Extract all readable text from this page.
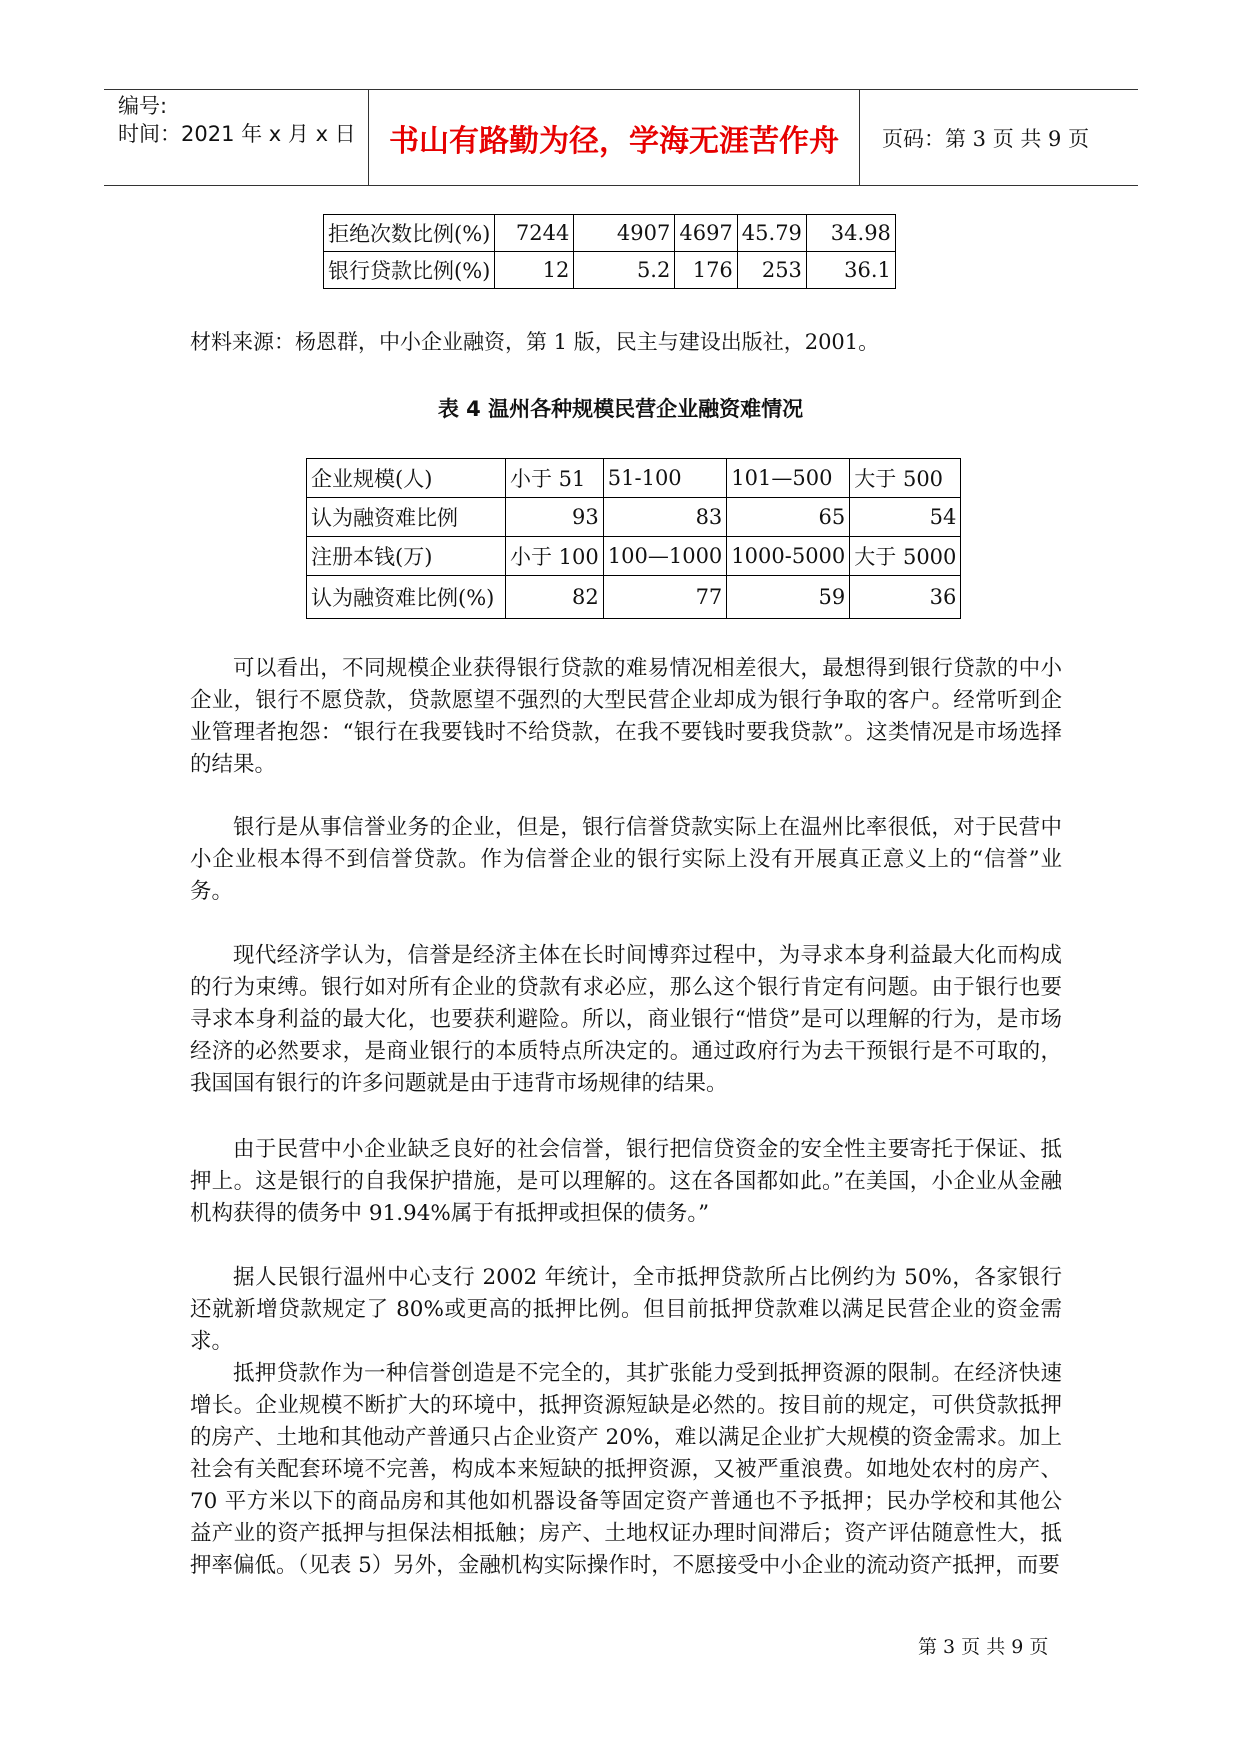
编号:
时间：2021 年 x 月 x 日 书山有路勤为径，学海无涯苦作舟	页码：第 3 页 共 9 页
拒绝次数比例(%)	7244	4907	4697	45.79	34.98
银行贷款比例(%)	12	5.2	176	253	36.1
材料来源：杨恩群，中小企业融资，第 1 版，民主与建设出版社，2001。
表 4 温州各种规模民营企业融资难情况
企业规模(人)	小于 51	51-100	101—500	大于 500
认为融资难比例	93	83	65	54
注册本钱(万)	小于 100	100—1000	1000-5000	大于 5000
认为融资难比例(%)	82	77	59	36

可以看出，不同规模企业获得银行贷款的难易情况相差很大，最想得到银行贷款的中小企业，银行不愿贷款，贷款愿望不强烈的大型民营企业却成为银行争取的客户。经常听到企业管理者抱怨：“银行在我要钱时不给贷款，在我不要钱时要我贷款”。这类情况是市场选择的结果。

银行是从事信誉业务的企业，但是，银行信誉贷款实际上在温州比率很低，对于民营中小企业根本得不到信誉贷款。作为信誉企业的银行实际上没有开展真正意义上的“信誉”业务。

现代经济学认为，信誉是经济主体在长时间博弈过程中，为寻求本身利益最大化而构成的行为束缚。银行如对所有企业的贷款有求必应，那么这个银行肯定有问题。由于银行也要寻求本身利益的最大化，也要获利避险。所以，商业银行“惜贷”是可以理解的行为，是市场经济的必然要求，是商业银行的本质特点所决定的。通过政府行为去干预银行是不可取的，我国国有银行的许多问题就是由于违背市场规律的结果。

由于民营中小企业缺乏良好的社会信誉，银行把信贷资金的安全性主要寄托于保证、抵押上。这是银行的自我保护措施，是可以理解的。这在各国都如此。”在美国，小企业从金融机构获得的债务中 91.94%属于有抵押或担保的债务。”

据人民银行温州中心支行 2002 年统计，全市抵押贷款所占比例约为 50%，各家银行还就新增贷款规定了 80%或更高的抵押比例。但目前抵押贷款难以满足民营企业的资金需求。

抵押贷款作为一种信誉创造是不完全的，其扩张能力受到抵押资源的限制。在经济快速增长。企业规模不断扩大的环境中，抵押资源短缺是必然的。按目前的规定，可供贷款抵押的房产、土地和其他动产普通只占企业资产 20%，难以满足企业扩大规模的资金需求。加上社会有关配套环境不完善，构成本来短缺的抵押资源，又被严重浪费。如地处农村的房产、70 平方米以下的商品房和其他如机器设备等固定资产普通也不予抵押；民办学校和其他公益产业的资产抵押与担保法相抵触；房产、土地权证办理时间滞后；资产评估随意性大，抵押率偏低。（见表 5）另外，金融机构实际操作时，不愿接受中小企业的流动资产抵押，而要

第 3 页 共 9 页
